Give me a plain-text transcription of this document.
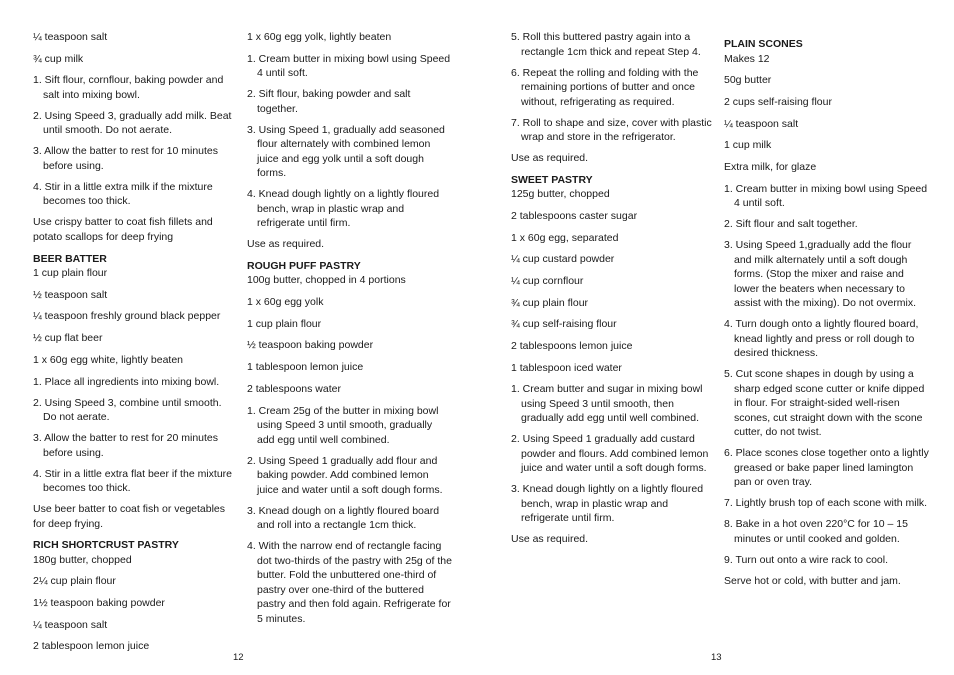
¼ teaspoon salt
¾ cup milk
1. Sift flour, cornflour, baking powder and salt into mixing bowl.
2. Using Speed 3, gradually add milk. Beat until smooth. Do not aerate.
3. Allow the batter to rest for 10 minutes before using.
4. Stir in a little extra milk if the mixture becomes too thick.
Use crispy batter to coat fish fillets and potato scallops for deep frying
BEER BATTER
1 cup plain flour
½ teaspoon salt
¼ teaspoon freshly ground black pepper
½ cup flat beer
1 x 60g egg white, lightly beaten
1. Place all ingredients into mixing bowl.
2. Using Speed 3, combine until smooth. Do not aerate.
3. Allow the batter to rest for 20 minutes before using.
4. Stir in a little extra flat beer if the mixture becomes too thick.
Use beer batter to coat fish or vegetables for deep frying.
RICH SHORTCRUST PASTRY
180g butter, chopped
2¼ cup plain flour
1½ teaspoon baking powder
¼ teaspoon salt
2 tablespoon lemon juice
1 x 60g egg yolk, lightly beaten
1. Cream butter in mixing bowl using Speed 4 until soft.
2. Sift flour, baking powder and salt together.
3. Using Speed 1, gradually add seasoned flour alternately with combined lemon juice and egg yolk until a soft dough forms.
4. Knead dough lightly on a lightly floured bench, wrap in plastic wrap and refrigerate until firm.
Use as required.
ROUGH PUFF PASTRY
100g butter, chopped in 4 portions
1 x 60g egg yolk
1 cup plain flour
½ teaspoon baking powder
1 tablespoon lemon juice
2 tablespoons water
1. Cream 25g of the butter in mixing bowl using Speed 3 until smooth, gradually add egg until well combined.
2. Using Speed 1 gradually add flour and baking powder. Add combined lemon juice and water until a soft dough forms.
3. Knead dough on a lightly floured board and roll into a rectangle 1cm thick.
4. With the narrow end of rectangle facing dot two-thirds of the pastry with 25g of the butter. Fold the unbuttered one-third of pastry over one-third of the buttered pastry and then fold again. Refrigerate for 5 minutes.
5. Roll this buttered pastry again into a rectangle 1cm thick and repeat Step 4.
6. Repeat the rolling and folding with the remaining portions of butter and once without, refrigerating as required.
7. Roll to shape and size, cover with plastic wrap and store in the refrigerator.
Use as required.
SWEET PASTRY
125g butter, chopped
2 tablespoons caster sugar
1 x 60g egg, separated
¼ cup custard powder
¼ cup cornflour
¾ cup plain flour
¾ cup self-raising flour
2 tablespoons lemon juice
1 tablespoon iced water
1. Cream butter and sugar in mixing bowl using Speed 3 until smooth, then gradually add egg until well combined.
2. Using Speed 1 gradually add custard powder and flours. Add combined lemon juice and water until a soft dough forms.
3. Knead dough lightly on a lightly floured bench, wrap in plastic wrap and refrigerate until firm.
Use as required.
PLAIN SCONES
Makes 12
50g butter
2 cups self-raising flour
¼ teaspoon salt
1 cup milk
Extra milk, for glaze
1. Cream butter in mixing bowl using Speed 4 until soft.
2. Sift flour and salt together.
3. Using Speed 1,gradually add the flour and milk alternately until a soft dough forms. (Stop the mixer and raise and lower the beaters when necessary to assist with the mixing). Do not overmix.
4. Turn dough onto a lightly floured board, knead lightly and press or roll dough to desired thickness.
5. Cut scone shapes in dough by using a sharp edged scone cutter or knife dipped in flour. For straight-sided well-risen scones, cut straight down with the scone cutter, do not twist.
6. Place scones close together onto a lightly greased or bake paper lined lamington pan or oven tray.
7. Lightly brush top of each scone with milk.
8. Bake in a hot oven 220°C for 10 – 15 minutes or until cooked and golden.
9. Turn out onto a wire rack to cool.
Serve hot or cold, with butter and jam.
12	13
